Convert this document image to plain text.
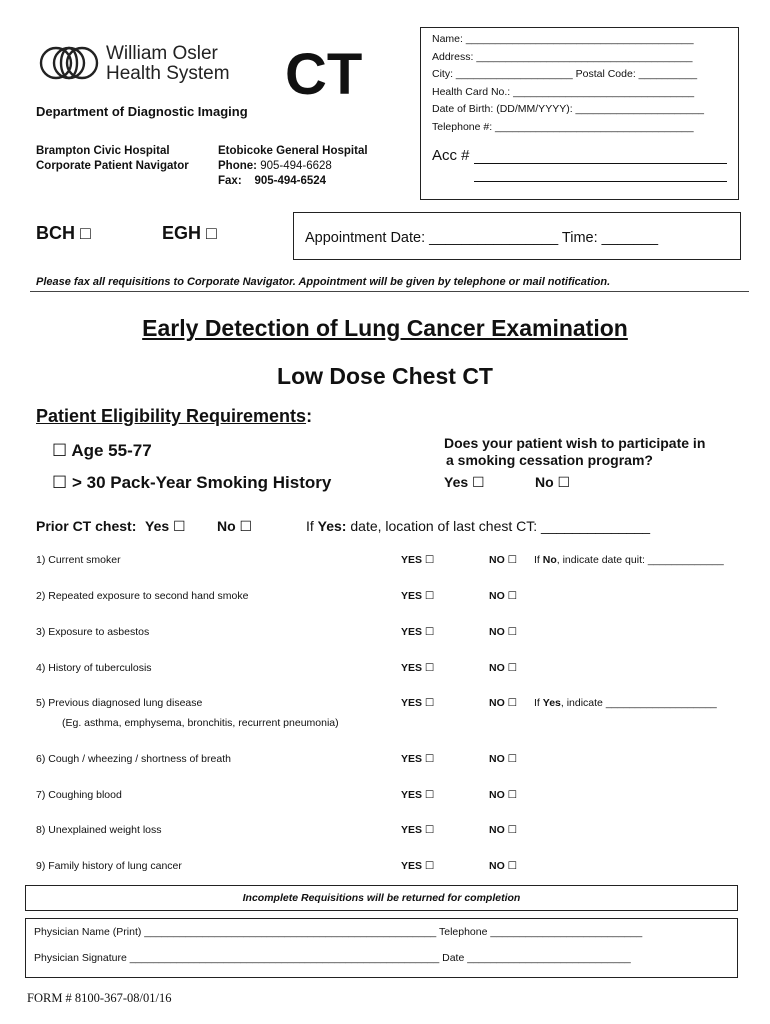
William Osler
Health System CT
Department of Diagnostic Imaging
Brampton Civic Hospital
Corporate Patient Navigator
Etobicoke General Hospital
Phone: 905-494-6628
Fax: 905-494-6524
Name: _______________________________________
Address: _____________________________________
City: ____________________ Postal Code: __________
Health Card No.: _______________________________
Date of Birth: (DD/MM/YYYY): ______________________
Telephone #: __________________________________
Acc #
BCH □	EGH □	Appointment Date: ________________ Time: _______
Please fax all requisitions to Corporate Navigator. Appointment will be given by telephone or mail notification.
Early Detection of Lung Cancer Examination
Low Dose Chest CT
Patient Eligibility Requirements:
☐ Age 55-77
☐ > 30 Pack-Year Smoking History
Does your patient wish to participate in
a smoking cessation program?
Yes ☐	No ☐
Prior CT chest: Yes ☐ No ☐	If Yes: date, location of last chest CT: ______________
1) Current smoker	YES ☐	NO ☐ If No, indicate date quit: _____________
2) Repeated exposure to second hand smoke	YES ☐	NO ☐
3) Exposure to asbestos	YES ☐	NO ☐
4) History of tuberculosis	YES ☐	NO ☐
5) Previous diagnosed lung disease	YES ☐	NO ☐ If Yes, indicate ___________________
(Eg. asthma, emphysema, bronchitis, recurrent pneumonia)
6) Cough / wheezing / shortness of breath	YES ☐	NO ☐
7) Coughing blood	YES ☐	NO ☐
8) Unexplained weight loss	YES ☐	NO ☐
9) Family history of lung cancer	YES ☐	NO ☐
Incomplete Requisitions will be returned for completion
Physician Name (Print) __________________________________________________ Telephone __________________________
Physician Signature _____________________________________________________ Date ____________________________
FORM # 8100-367-08/01/16
